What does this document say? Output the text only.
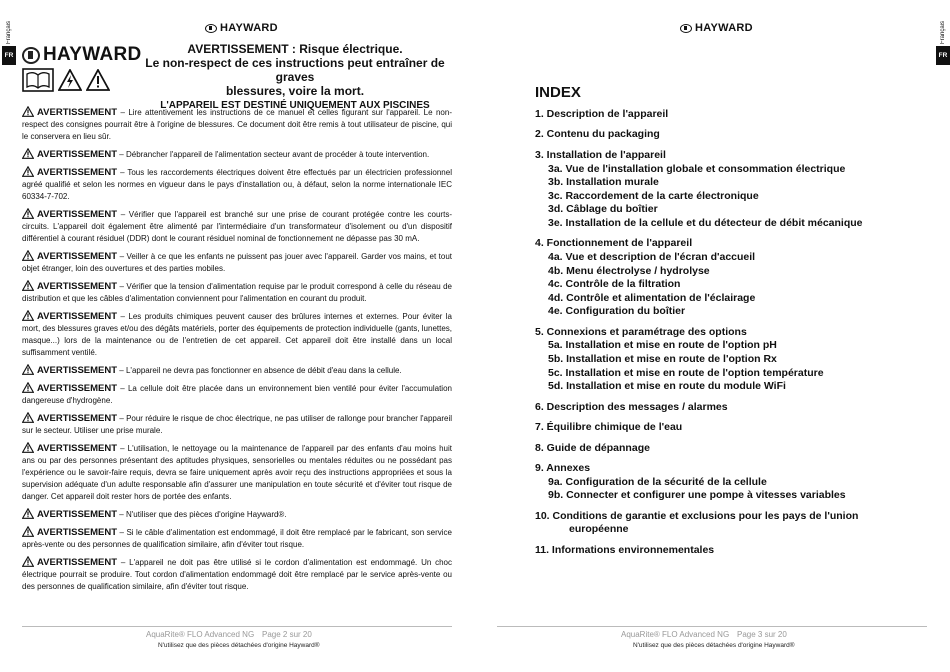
Français
FR
HAYWARD
HAYWARD	AVERTISSEMENT : Risque électrique.
Le non-respect de ces instructions peut entraîner de graves
blessures, voire la mort.
L'APPAREIL EST DESTINÉ UNIQUEMENT AUX PISCINES
AVERTISSEMENT – Lire attentivement les instructions de ce manuel et celles figurant sur l'appareil. Le non-respect des consignes pourrait être à l'origine de blessures. Ce document doit être remis à tout utilisateur de piscine, qui le conservera en lieu sûr.
AVERTISSEMENT – Débrancher l'appareil de l'alimentation secteur avant de procéder à toute intervention.
AVERTISSEMENT – Tous les raccordements électriques doivent être effectués par un électricien professionnel agréé qualifié et selon les normes en vigueur dans le pays d'installation ou, à défaut, selon la norme internationale IEC 60334-7-702.
AVERTISSEMENT – Vérifier que l'appareil est branché sur une prise de courant protégée contre les courts-circuits. L'appareil doit également être alimenté par l'intermédiaire d'un transformateur d'isolement ou d'un dispositif différentiel à courant résiduel (DDR) dont le courant résiduel nominal de fonctionnement ne dépasse pas 30 mA.
AVERTISSEMENT – Veiller à ce que les enfants ne puissent pas jouer avec l'appareil. Garder vos mains, et tout objet étranger, loin des ouvertures et des parties mobiles.
AVERTISSEMENT – Vérifier que la tension d'alimentation requise par le produit correspond à celle du réseau de distribution et que les câbles d'alimentation conviennent pour l'alimentation en courant du produit.
AVERTISSEMENT – Les produits chimiques peuvent causer des brûlures internes et externes. Pour éviter la mort, des blessures graves et/ou des dégâts matériels, porter des équipements de protection individuelle (gants, lunettes, masque...) lors de la maintenance ou de l'entretien de cet appareil. Cet appareil doit être installé dans un local suffisamment ventilé.
AVERTISSEMENT – L'appareil ne devra pas fonctionner en absence de débit d'eau dans la cellule.
AVERTISSEMENT – La cellule doit être placée dans un environnement bien ventilé pour éviter l'accumulation dangereuse d'hydrogène.
AVERTISSEMENT – Pour réduire le risque de choc électrique, ne pas utiliser de rallonge pour brancher l'appareil sur le secteur. Utiliser une prise murale.
AVERTISSEMENT – L'utilisation, le nettoyage ou la maintenance de l'appareil par des enfants d'au moins huit ans ou par des personnes présentant des aptitudes physiques, sensorielles ou mentales réduites ou ne possédant pas l'expérience ou le savoir-faire requis, devra se faire uniquement après avoir reçu des instructions appropriées et sous la supervision adéquate d'un adulte responsable afin d'assurer une manipulation en toute sécurité et d'éviter tout risque de danger. Cet appareil doit rester hors de portée des enfants.
AVERTISSEMENT – N'utiliser que des pièces d'origine Hayward®.
AVERTISSEMENT – Si le câble d'alimentation est endommagé, il doit être remplacé par le fabricant, son service après-vente ou des personnes de qualification similaire, afin d'éviter tout risque.
AVERTISSEMENT – L'appareil ne doit pas être utilisé si le cordon d'alimentation est endommagé. Un choc électrique pourrait se produire. Tout cordon d'alimentation endommagé doit être remplacé par le service après-vente ou des personnes de qualification similaire, afin d'éviter tout risque.
AquaRite® FLO Advanced NG Page 2 sur 20
N'utilisez que des pièces détachées d'origine Hayward®
Français
FR
HAYWARD
INDEX
1. Description de l'appareil
2. Contenu du packaging
3. Installation de l'appareil
3a. Vue de l'installation globale et consommation électrique
3b. Installation murale
3c. Raccordement de la carte électronique
3d. Câblage du boîtier
3e. Installation de la cellule et du détecteur de débit mécanique
4. Fonctionnement de l'appareil
4a. Vue et description de l'écran d'accueil
4b. Menu électrolyse / hydrolyse
4c. Contrôle de la filtration
4d. Contrôle et alimentation de l'éclairage
4e. Configuration du boîtier
5. Connexions et paramétrage des options
5a. Installation et mise en route de l'option pH
5b. Installation et mise en route de l'option Rx
5c. Installation et mise en route de l'option température
5d. Installation et mise en route du module WiFi
6. Description des messages / alarmes
7. Équilibre chimique de l'eau
8. Guide de dépannage
9. Annexes
9a. Configuration de la sécurité de la cellule
9b. Connecter et configurer une pompe à vitesses variables
10. Conditions de garantie et exclusions pour les pays de l'union
européenne
11. Informations environnementales
AquaRite® FLO Advanced NG Page 3 sur 20
N'utilisez que des pièces détachées d'origine Hayward®
